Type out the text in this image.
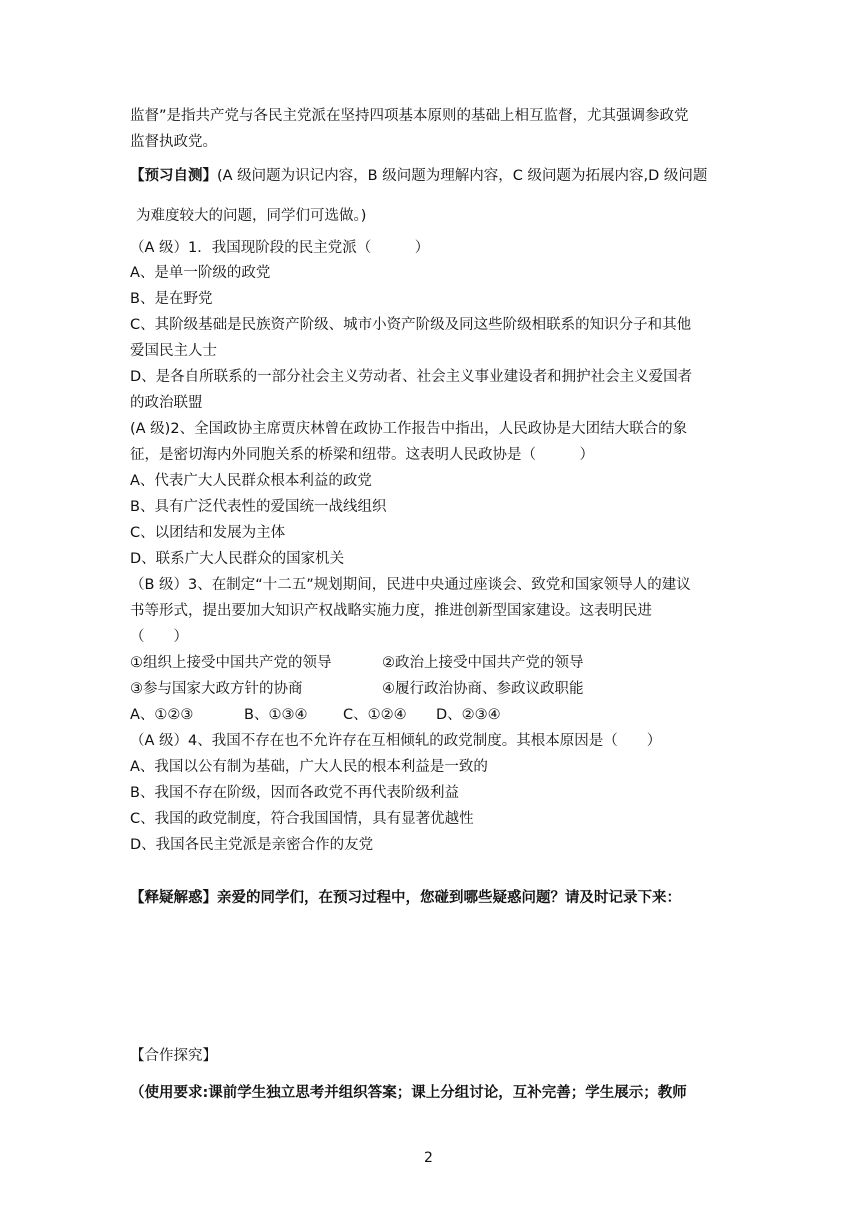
监督”是指共产党与各民主党派在坚持四项基本原则的基础上相互监督，尤其强调参政党
监督执政党。
【预习自测】(A 级问题为识记内容，B 级问题为理解内容，C 级问题为拓展内容,D 级问题
为难度较大的问题，同学们可选做。)
（A 级）1．我国现阶段的民主党派（　　　）
A、是单一阶级的政党
B、是在野党
C、其阶级基础是民族资产阶级、城市小资产阶级及同这些阶级相联系的知识分子和其他
爱国民主人士
D、是各自所联系的一部分社会主义劳动者、社会主义事业建设者和拥护社会主义爱国者
的政治联盟
(A 级)2、全国政协主席贾庆林曾在政协工作报告中指出，人民政协是大团结大联合的象
征，是密切海内外同胞关系的桥梁和纽带。这表明人民政协是（　　　）
A、代表广大人民群众根本利益的政党
B、具有广泛代表性的爱国统一战线组织
C、以团结和发展为主体
D、联系广大人民群众的国家机关
（B 级）3、在制定“十二五”规划期间，民进中央通过座谈会、致党和国家领导人的建议
书等形式，提出要加大知识产权战略实施力度，推进创新型国家建设。这表明民进
（　　）
①组织上接受中国共产党的领导	②政治上接受中国共产党的领导
③参与国家大政方针的协商	④履行政治协商、参政议政职能
A、①②③	B、①③④ C、①②④ D、②③④
（A 级）4、我国不存在也不允许存在互相倾轧的政党制度。其根本原因是（　　）
A、我国以公有制为基础，广大人民的根本利益是一致的
B、我国不存在阶级，因而各政党不再代表阶级利益
C、我国的政党制度，符合我国国情，具有显著优越性
D、我国各民主党派是亲密合作的友党
【释疑解惑】亲爱的同学们，在预习过程中，您碰到哪些疑惑问题？请及时记录下来：
【合作探究】
（使用要求:课前学生独立思考并组织答案；课上分组讨论，互补完善；学生展示；教师
2
